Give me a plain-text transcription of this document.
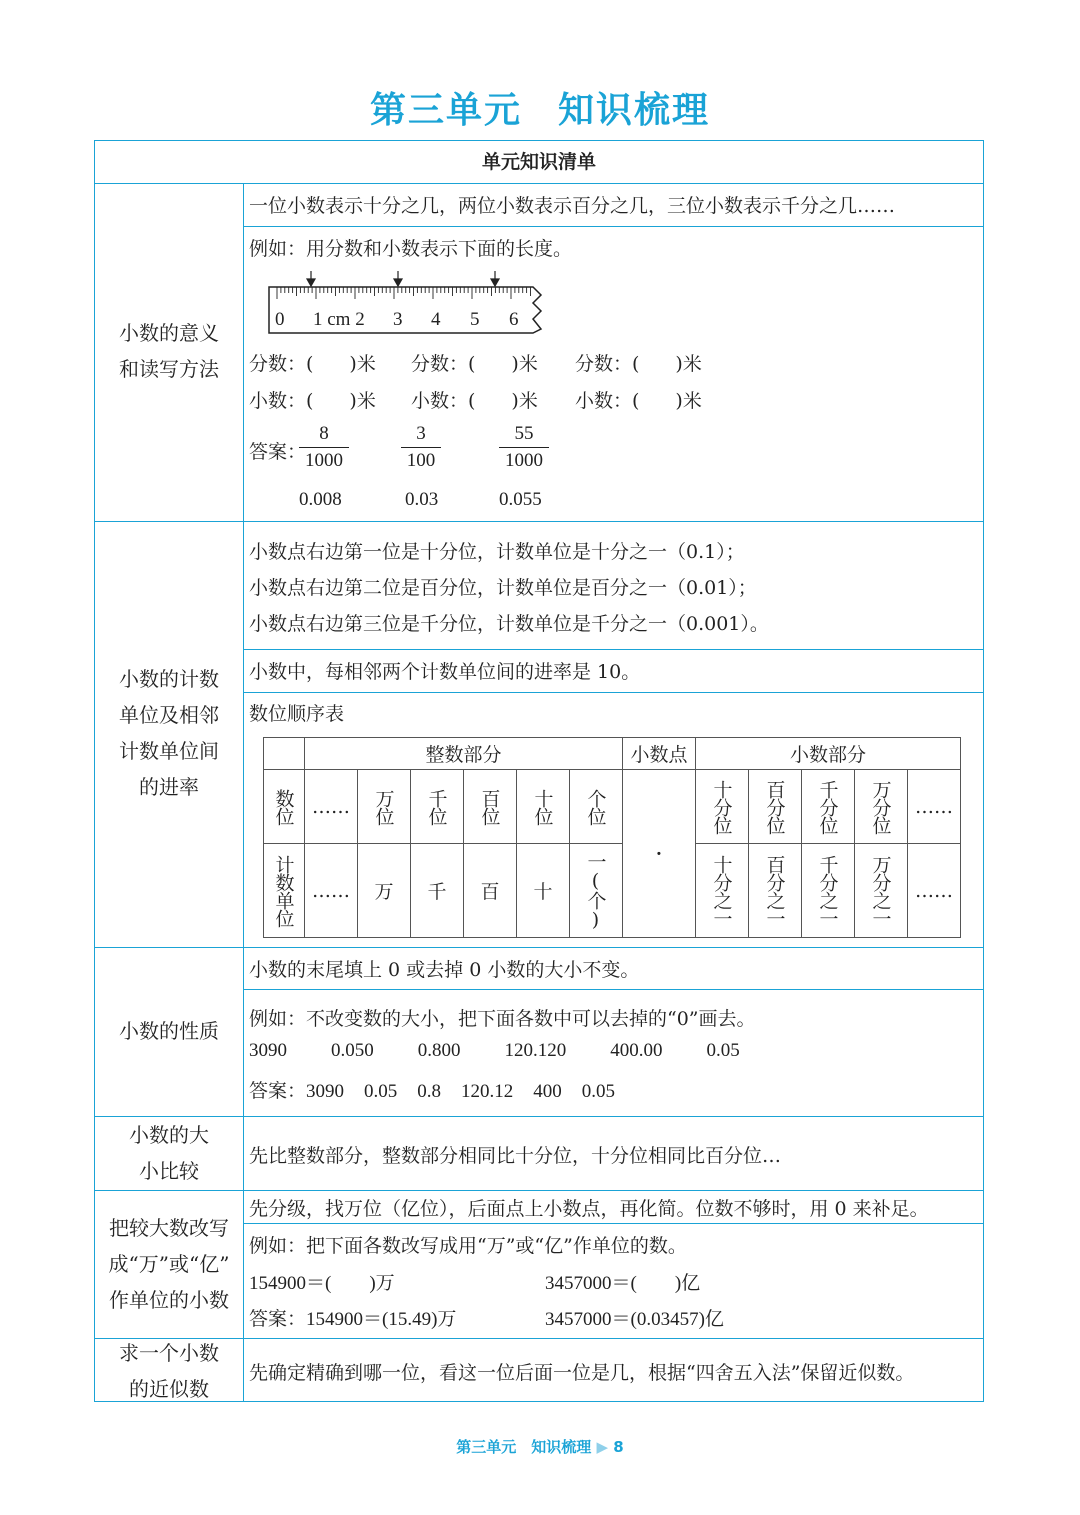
第三单元 知识梳理
单元知识清单
小数的意义
和读写方法
一位小数表示十分之几，两位小数表示百分之几，三位小数表示千分之几……
例如：用分数和小数表示下面的长度。
0 1 cm 2 3 4 5 6
分数：( )米 分数：( )米 分数：( )米
小数：( )米 小数：( )米 小数：( )米
答案：
$\frac{8}{1000}$	$\frac{3}{100}$	$\frac{55}{1000}$
0.008	0.03	0.055
小数的计数
单位及相邻
计数单位间
的进率
小数点右边第一位是十分位，计数单位是十分之一（0.1）；
小数点右边第二位是百分位，计数单位是百分之一（0.01）；
小数点右边第三位是千分位，计数单位是千分之一（0.001）。
小数中，每相邻两个计数单位间的进率是 10。
数位顺序表
	整数部分						小数点	小数部分				

数位	……	万位	千位	百位	十位	个位	·	十分位	百分位	千分位	万分位	……

计数单位	……	万	千	百	十	一(个)		十分之一	百分之一	千分之一	万分之一	……
小数的性质
小数的末尾填上 0 或去掉 0 小数的大小不变。
例如：不改变数的大小，把下面各数中可以去掉的“0”画去。
3090 0.050 0.800 120.120 400.00 0.05
答案：3090 0.05 0.8 120.12 400 0.05
小数的大
小比较
先比整数部分，整数部分相同比十分位，十分位相同比百分位…
把较大数改写
成“万”或“亿”
作单位的小数
先分级，找万位（亿位），后面点上小数点，再化简。位数不够时，用 0 来补足。
例如：把下面各数改写成用“万”或“亿”作单位的数。
154900＝(　　)万	3457000＝(　　)亿
答案：154900＝(15.49)万	3457000＝(0.03457)亿
求一个小数
的近似数
先确定精确到哪一位，看这一位后面一位是几，根据“四舍五入法”保留近似数。
第三单元　知识梳理 ▶ 8
